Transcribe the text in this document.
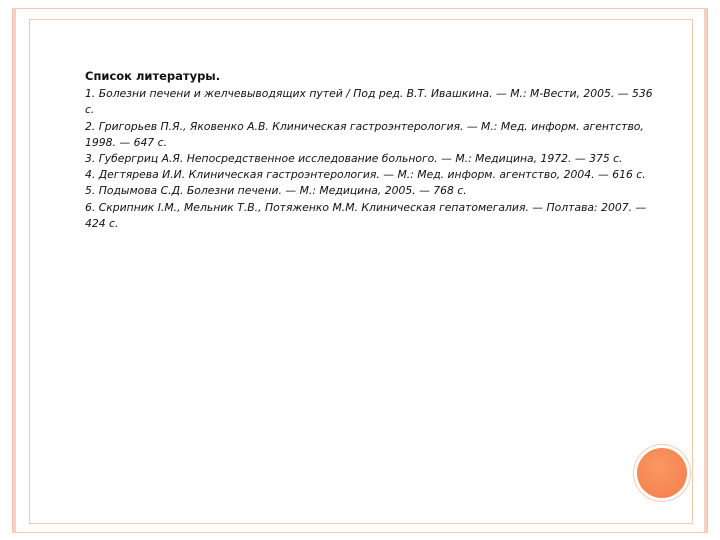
Список литературы.
1. Болезни печени и желчевыводящих путей / Под ред. В.Т. Ивашкина. — М.: М-Вести, 2005. — 536 с.
2. Григорьев П.Я., Яковенко А.В. Клиническая гастроэнтерология. — М.: Мед. информ. агентство, 1998. — 647 с.
3. Губергриц А.Я. Непосредственное исследование больного. — М.: Медицина, 1972. — 375 с.
4. Дегтярева И.И. Клиническая гастроэнтерология. — М.: Мед. информ. агентство, 2004. — 616 с.
5. Подымова С.Д. Болезни печени. — М.: Медицина, 2005. — 768 с.
6. Скрипник I.M., Мельник Т.В., Потяженко М.М. Клиническая гепатомегалия. — Полтава: 2007. — 424 с.
